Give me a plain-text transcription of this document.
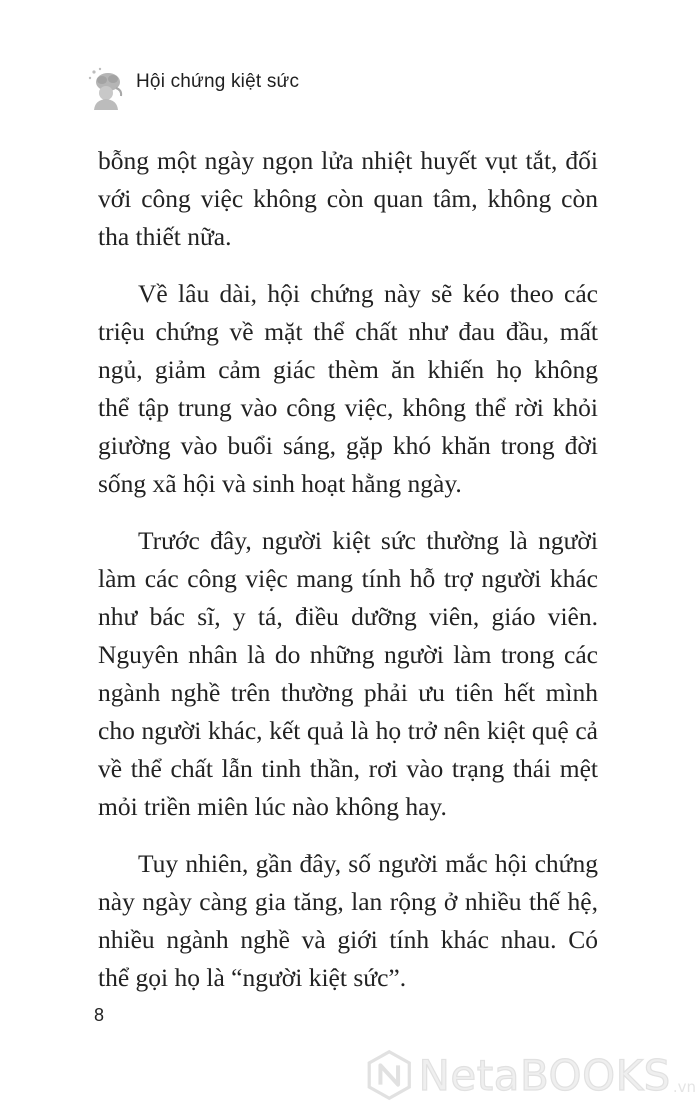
Hội chứng kiệt sức

bỗng một ngày ngọn lửa nhiệt huyết vụt tắt, đối
với công việc không còn quan tâm, không còn
tha thiết nữa.

Về lâu dài, hội chứng này sẽ kéo theo các
triệu chứng về mặt thể chất như đau đầu, mất
ngủ, giảm cảm giác thèm ăn khiến họ không
thể tập trung vào công việc, không thể rời khỏi
giường vào buổi sáng, gặp khó khăn trong đời
sống xã hội và sinh hoạt hằng ngày.

Trước đây, người kiệt sức thường là người
làm các công việc mang tính hỗ trợ người khác
như bác sĩ, y tá, điều dưỡng viên, giáo viên.
Nguyên nhân là do những người làm trong các
ngành nghề trên thường phải ưu tiên hết mình
cho người khác, kết quả là họ trở nên kiệt quệ cả
về thể chất lẫn tinh thần, rơi vào trạng thái mệt
mỏi triền miên lúc nào không hay.

Tuy nhiên, gần đây, số người mắc hội chứng
này ngày càng gia tăng, lan rộng ở nhiều thế hệ,
nhiều ngành nghề và giới tính khác nhau. Có
thể gọi họ là “người kiệt sức”.

8
NetaBOOKS .vn
